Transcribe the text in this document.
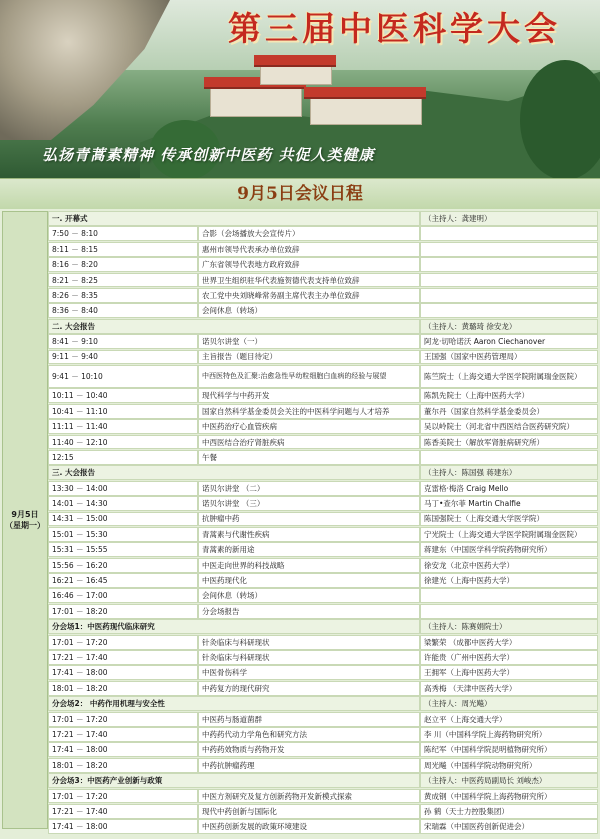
第三届中医科学大会
弘扬青蒿素精神 传承创新中医药 共促人类健康
9月5日会议日程
9月5日
（星期一）
一. 开幕式	（主持人：龚建明）
7:50 － 8:10	合影（会场播放大会宣传片）
8:11 － 8:15	惠州市领导代表承办单位致辞
8:16 － 8:20	广东省领导代表地方政府致辞
8:21 － 8:25	世界卫生组织驻华代表施贺德代表支持单位致辞
8:26 － 8:35	农工党中央刘晓峰常务副主席代表主办单位致辞
8:36 － 8:40	会间休息（转场）
二. 大会报告	（主持人：黄璐琦 徐安龙）
8:41 － 9:10	诺贝尔讲堂（一）	阿龙·切哈诺沃 Aaron Ciechanover
9:11 － 9:40	主旨报告（题目待定）	王国强（国家中医药管理局）
9:41 － 10:10	中西医特色及汇聚:治愈急性早幼粒细胞白血病的经验与展望	陈竺院士（上海交通大学医学院附属瑞金医院）
10:11 － 10:40	现代科学与中药开发	陈凯先院士（上海中医药大学）
10:41 － 11:10	国家自然科学基金委员会关注的中医科学问题与人才培养	董尔丹（国家自然科学基金委员会）
11:11 － 11:40	中医药治疗心血管疾病	吴以岭院士（河北省中西医结合医药研究院）
11:40 － 12:10	中西医结合治疗肾脏疾病	陈香美院士（解放军肾脏病研究所）
12:15	午餐
三. 大会报告	（主持人：陈国强 蒋建东）
13:30 － 14:00	诺贝尔讲堂 （二）	克雷格·梅洛 Craig Mello
14:01 － 14:30	诺贝尔讲堂 （三）	马丁•查尔菲 Martin Chalfie
14:31 － 15:00	抗肿瘤中药	陈国强院士（上海交通大学医学院）
15:01 － 15:30	青蒿素与代谢性疾病	宁光院士（上海交通大学医学院附属瑞金医院）
15:31 － 15:55	青蒿素的新用途	蒋建东（中国医学科学院药物研究所）
15:56 － 16:20	中医走向世界的科技战略	徐安龙（北京中医药大学）
16:21 － 16:45	中医药现代化	徐建光（上海中医药大学）
16:46 － 17:00	会间休息（转场）
17:01 － 18:20	分会场报告
分会场1：中医药现代临床研究	（主持人：陈赛娟院士）
17:01 － 17:20	针灸临床与科研现状	梁繁荣 （成都中医药大学）
17:21 － 17:40	针灸临床与科研现状	许能贵（广州中医药大学）
17:41 － 18:00	中医骨伤科学	王拥军（上海中医药大学）
18:01 － 18:20	中药复方的现代研究	高秀梅 （天津中医药大学）
分会场2： 中药作用机理与安全性	（主持人：周光飚）
17:01 － 17:20	中医药与肠道菌群	赵立平（上海交通大学）
17:21 － 17:40	中药药代动力学角色和研究方法	李 川（中国科学院上海药物研究所）
17:41 － 18:00	中药药效物质与药物开发	陈纪军（中国科学院昆明植物研究所）
18:01 － 18:20	中药抗肿瘤药理	周光飚（中国科学院动物研究所）
分会场3：中医药产业创新与政策	（主持人：中医药局副局长 刘峻杰）
17:01 － 17:20	中医方剂研究及复方创新药物开发新模式探索	黄成钢（中国科学院上海药物研究所）
17:21 － 17:40	现代中药创新与国际化	孙 鹤（天士力控股集团）
17:41 － 18:00	中医药创新发展的政策环境建设	宋瑞霖（中国医药创新促进会）
